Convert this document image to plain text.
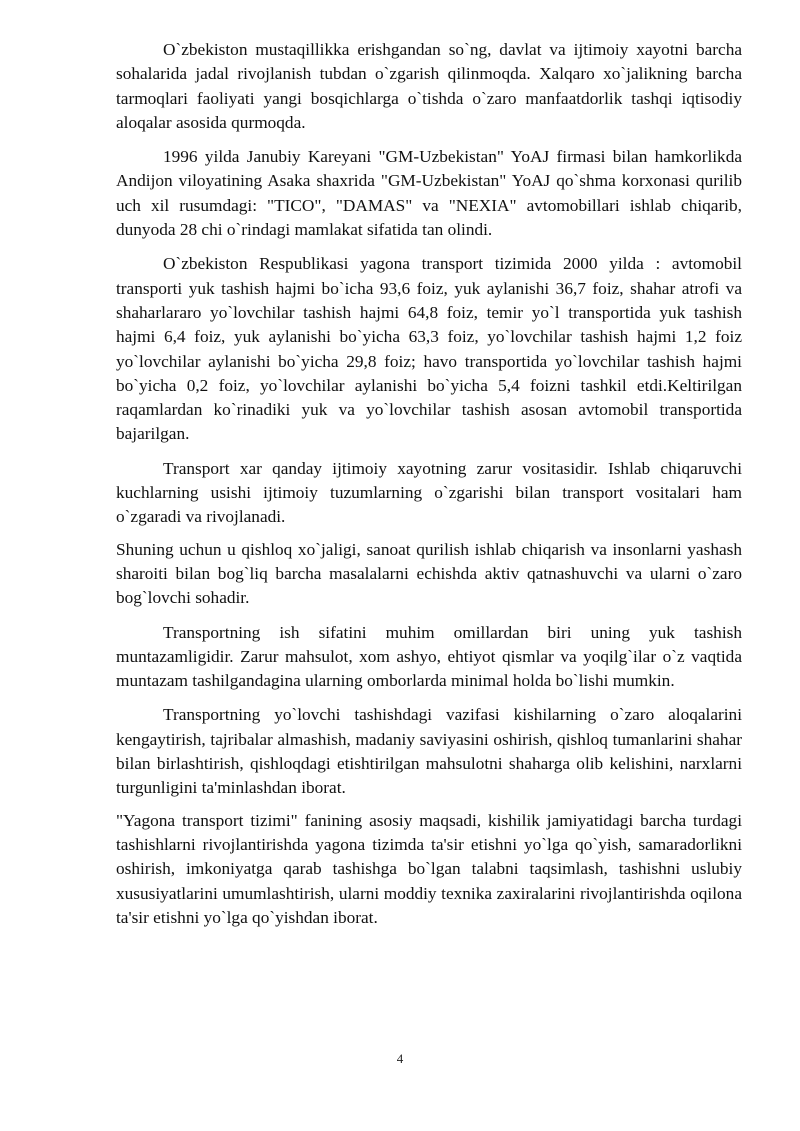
O`zbekiston mustaqillikka erishgandan so`ng, davlat va ijtimoiy xayotni barcha sohalarida jadal rivojlanish tubdan o`zgarish qilinmoqda. Xalqaro xo`jalikning barcha tarmoqlari faoliyati yangi bosqichlarga o`tishda o`zaro manfaatdorlik tashqi iqtisodiy aloqalar asosida qurmoqda.

1996 yilda Janubiy Kareyani "GM-Uzbekistan" YoAJ firmasi bilan hamkorlikda Andijon viloyatining Asaka shaxrida "GM-Uzbekistan" YoAJ qo`shma korxonasi qurilib uch xil rusumdagi: "TICO", "DAMAS" va "NEXIA" avtomobillari ishlab chiqarib, dunyoda 28 chi o`rindagi mamlakat sifatida tan olindi.

O`zbekiston Respublikasi yagona transport tizimida 2000 yilda : avtomobil transporti yuk tashish hajmi bo`icha 93,6 foiz, yuk aylanishi 36,7 foiz, shahar atrofi va shaharlararo yo`lovchilar tashish hajmi 64,8 foiz, temir yo`l transportida yuk tashish hajmi 6,4 foiz, yuk aylanishi bo`yicha 63,3 foiz, yo`lovchilar tashish hajmi 1,2 foiz yo`lovchilar aylanishi bo`yicha 29,8 foiz; havo transportida yo`lovchilar tashish hajmi bo`yicha 0,2 foiz, yo`lovchilar aylanishi bo`yicha 5,4 foizni tashkil etdi.Keltirilgan raqamlardan ko`rinadiki yuk va yo`lovchilar tashish asosan avtomobil transportida bajarilgan.

Transport xar qanday ijtimoiy xayotning zarur vositasidir. Ishlab chiqaruvchi kuchlarning usishi ijtimoiy tuzumlarning o`zgarishi bilan transport vositalari ham o`zgaradi va rivojlanadi.

Shuning uchun u qishloq xo`jaligi, sanoat qurilish ishlab chiqarish va insonlarni yashash sharoiti bilan bog`liq barcha masalalarni echishda aktiv qatnashuvchi va ularni o`zaro bog`lovchi sohadir.

Transportning ish sifatini muhim omillardan biri uning yuk tashish muntazamligidir. Zarur mahsulot, xom ashyo, ehtiyot qismlar va yoqilg`ilar o`z vaqtida muntazam tashilgandagina ularning omborlarda minimal holda bo`lishi mumkin.

Transportning yo`lovchi tashishdagi vazifasi kishilarning o`zaro aloqalarini kengaytirish, tajribalar almashish, madaniy saviyasini oshirish, qishloq tumanlarini shahar bilan birlashtirish, qishloqdagi etishtirilgan mahsulotni shaharga olib kelishini, narxlarni turgunligini ta'minlashdan iborat.

"Yagona transport tizimi" fanining asosiy maqsadi, kishilik jamiyatidagi barcha turdagi tashishlarni rivojlantirishda yagona tizimda ta'sir etishni yo`lga qo`yish, samaradorlikni oshirish, imkoniyatga qarab tashishga bo`lgan talabni taqsimlash, tashishni uslubiy xususiyatlarini umumlashtirish, ularni moddiy texnika zaxiralarini rivojlantirishda oqilona ta'sir etishni yo`lga qo`yishdan iborat.

4
